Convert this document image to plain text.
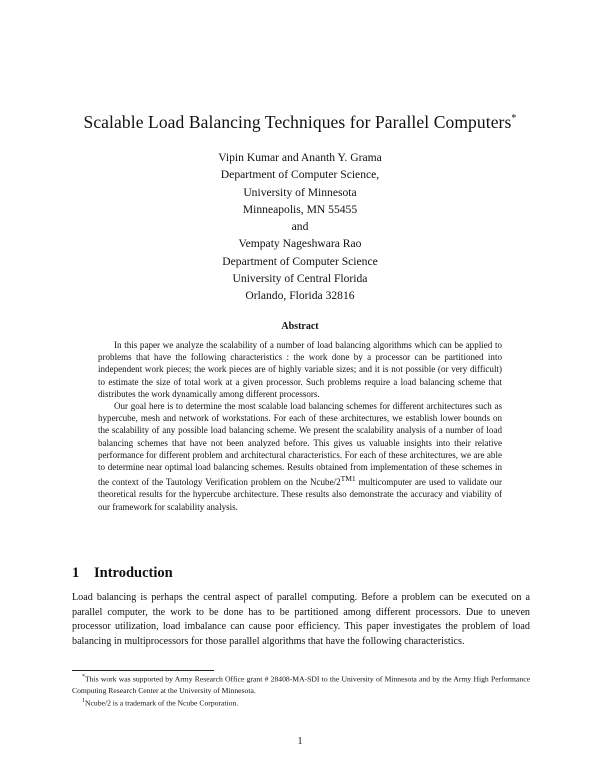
Scalable Load Balancing Techniques for Parallel Computers*
Vipin Kumar and Ananth Y. Grama
Department of Computer Science,
University of Minnesota
Minneapolis, MN 55455
and
Vempaty Nageshwara Rao
Department of Computer Science
University of Central Florida
Orlando, Florida 32816
Abstract

In this paper we analyze the scalability of a number of load balancing algorithms which can be applied to problems that have the following characteristics : the work done by a processor can be partitioned into independent work pieces; the work pieces are of highly variable sizes; and it is not possible (or very difficult) to estimate the size of total work at a given processor. Such problems require a load balancing scheme that distributes the work dynamically among different processors.

Our goal here is to determine the most scalable load balancing schemes for different architectures such as hypercube, mesh and network of workstations. For each of these architectures, we establish lower bounds on the scalability of any possible load balancing scheme. We present the scalability analysis of a number of load balancing schemes that have not been analyzed before. This gives us valuable insights into their relative performance for different problem and architectural characteristics. For each of these architectures, we are able to determine near optimal load balancing schemes. Results obtained from implementation of these schemes in the context of the Tautology Verification problem on the Ncube/$2^{TM1}$ multicomputer are used to validate our theoretical results for the hypercube architecture. These results also demonstrate the accuracy and viability of our framework for scalability analysis.

1 Introduction

Load balancing is perhaps the central aspect of parallel computing. Before a problem can be executed on a parallel computer, the work to be done has to be partitioned among different processors. Due to uneven processor utilization, load imbalance can cause poor efficiency. This paper investigates the problem of load balancing in multiprocessors for those parallel algorithms that have the following characteristics.

*This work was supported by Army Research Office grant # 28408-MA-SDI to the University of Minnesota and by the Army High Performance Computing Research Center at the University of Minnesota.

$^1$Ncube/2 is a trademark of the Ncube Corporation.

1
